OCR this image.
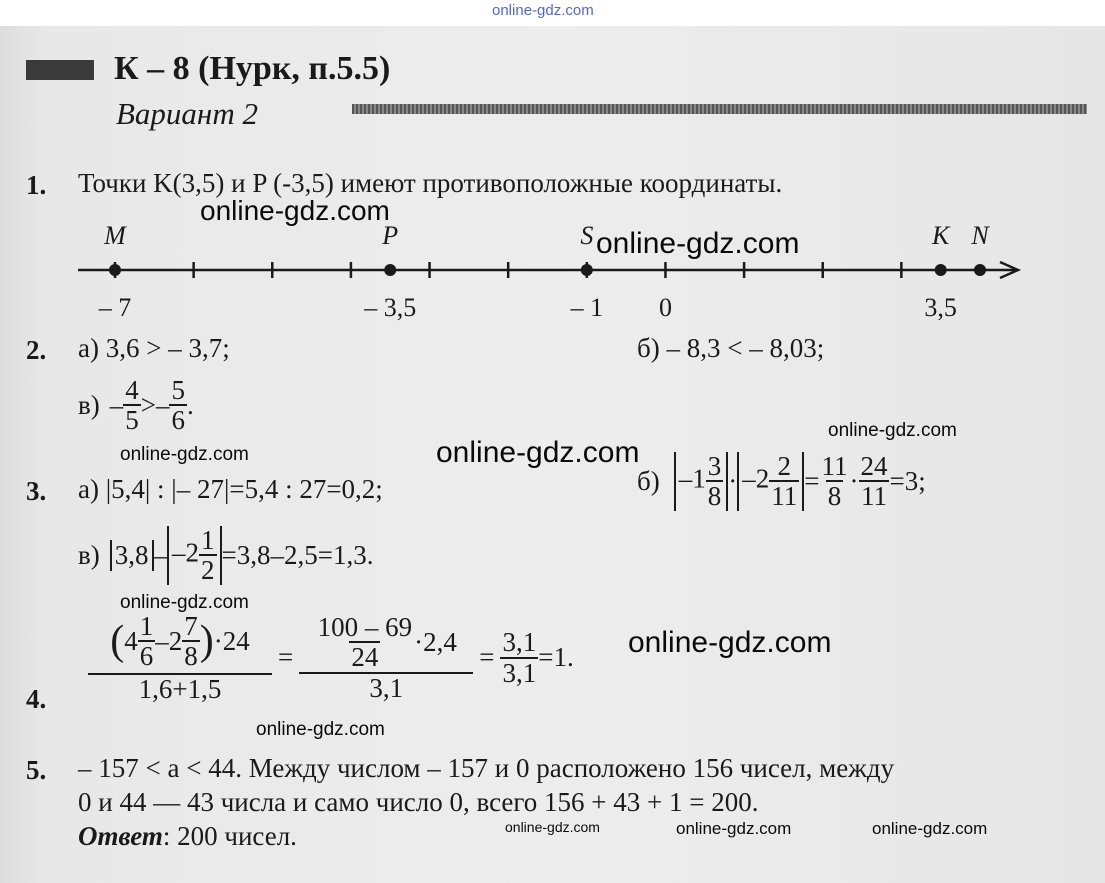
online-gdz.com
К – 8 (Нурк, п.5.5)
Вариант 2
1. Точки K(3,5) и P (-3,5) имеют противоположные координаты.
0
M
– 7
P
– 3,5
S
– 1
K
3,5
N
2. а) 3,6 > – 3,7;	б) – 8,3 < – 8,03;
$в) - \frac{4}{5} >- \frac{5}{6}$ .
3. а) |5,4| : |– 27|=5,4 : 27=0,2;	б) $-1 \frac{3}{8} \cdot -2 \frac{2}{11} = \frac{11}{8} \cdot \frac{24}{11} =3$;
в) $3,8 - -2 \frac{1}{2} =3,8-2,5=1,3$.
4. $\frac{( 4 \frac{1}{6} -2 \frac{7}{8} ) \cdot 24}{1,6+1,5} = \frac{\frac{100 - 69}{24} \cdot 2,4}{3,1} = \frac{3,1}{3,1} =1$.
5. – 157 < a < 44. Между числом – 157 и 0 расположено 156 чисел, между
0 и 44 — 43 числа и само число 0, всего 156 + 43 + 1 = 200.
Ответ: 200 чисел.
online-gdz.com
online-gdz.com
online-gdz.com
online-gdz.com
online-gdz.com
online-gdz.com
online-gdz.com
online-gdz.com
online-gdz.com	online-gdz.com	online-gdz.com
